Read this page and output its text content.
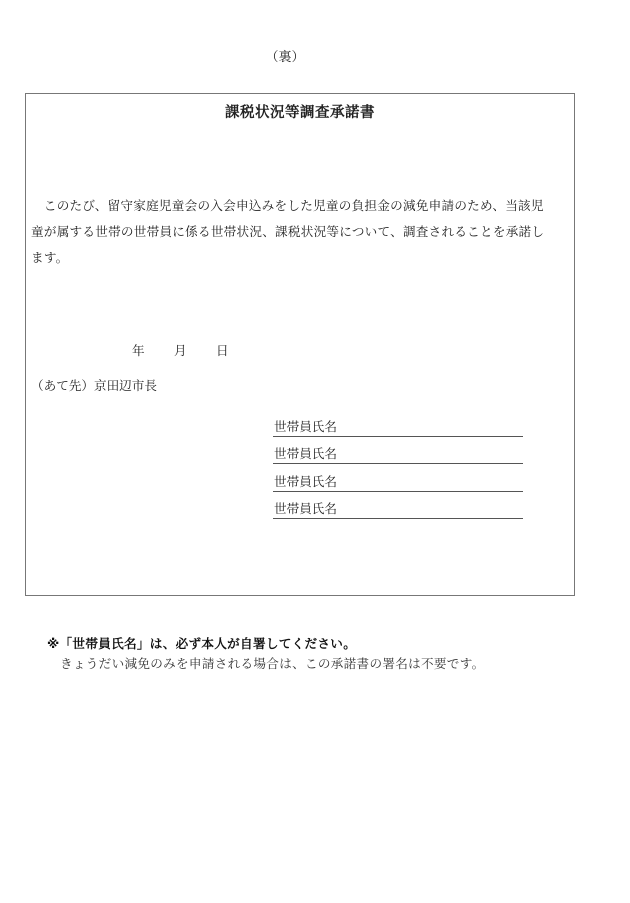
（裏）
課税状況等調査承諾書
　このたび、留守家庭児童会の入会申込みをした児童の負担金の減免申請のため、当該児
童が属する世帯の世帯員に係る世帯状況、課税状況等について、調査されることを承諾し
ます。
年 月 日
（あて先）京田辺市長
世帯員氏名
世帯員氏名
世帯員氏名
世帯員氏名
※「世帯員氏名」は、必ず本人が自署してください。
きょうだい減免のみを申請される場合は、この承諾書の署名は不要です。
